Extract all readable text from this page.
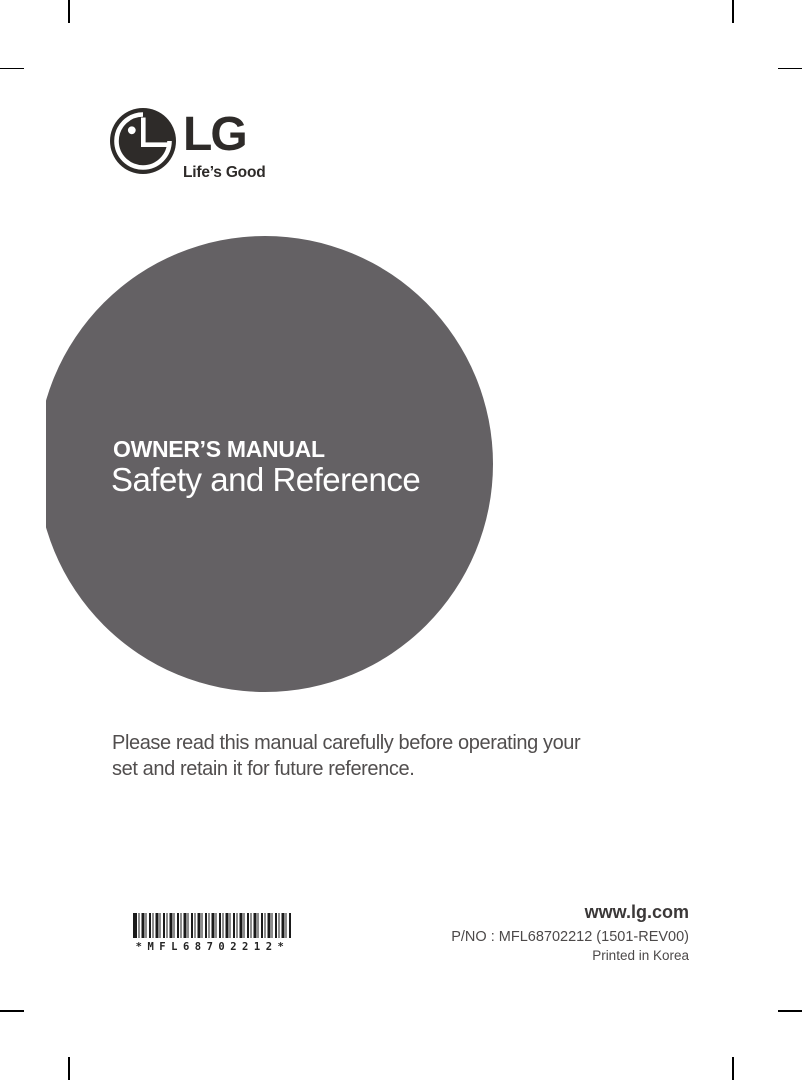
LG
Life’s Good
OWNER’S MANUAL
Safety and Reference
Please read this manual carefully before operating your
set and retain it for future reference.
*MFL68702212*
www.lg.com
P/NO : MFL68702212 (1501-REV00)
Printed in Korea
